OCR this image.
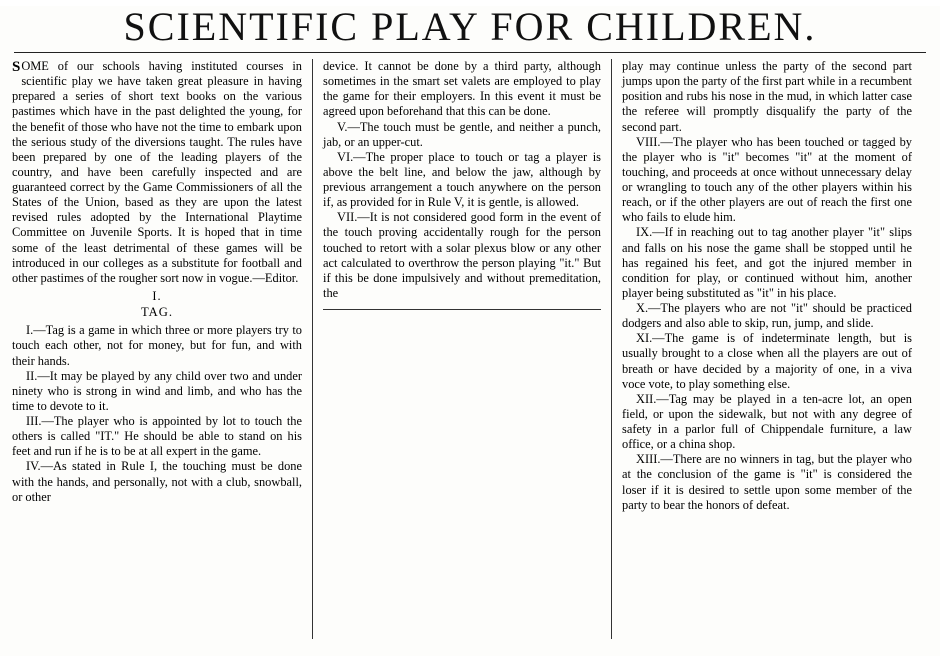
SCIENTIFIC PLAY FOR CHILDREN.

S OME of our schools having instituted courses in scientific play we have taken great pleasure in having prepared a series of short text books on the various pastimes which have in the past delighted the young, for the benefit of those who have not the time to embark upon the serious study of the diversions taught. The rules have been prepared by one of the leading players of the country, and have been carefully inspected and are guaranteed correct by the Game Commissioners of all the States of the Union, based as they are upon the latest revised rules adopted by the International Playtime Committee on Juvenile Sports. It is hoped that in time some of the least detrimental of these games will be introduced in our colleges as a substitute for football and other pastimes of the rougher sort now in vogue.—Editor.

I.

TAG.

I.—Tag is a game in which three or more players try to touch each other, not for money, but for fun, and with their hands.

II.—It may be played by any child over two and under ninety who is strong in wind and limb, and who has the time to devote to it.

III.—The player who is appointed by lot to touch the others is called "IT." He should be able to stand on his feet and run if he is to be at all expert in the game.

IV.—As stated in Rule I, the touching must be done with the hands, and personally, not with a club, snowball, or other

device. It cannot be done by a third party, although sometimes in the smart set valets are employed to play the game for their employers. In this event it must be agreed upon beforehand that this can be done.

V.—The touch must be gentle, and neither a punch, jab, or an upper-cut.

VI.—The proper place to touch or tag a player is above the belt line, and below the jaw, although by previous arrangement a touch anywhere on the person if, as provided for in Rule V, it is gentle, is allowed.

VII.—It is not considered good form in the event of the touch proving accidentally rough for the person touched to retort with a solar plexus blow or any other act calculated to overthrow the person playing "it." But if this be done impulsively and without premeditation, the

play may continue unless the party of the second part jumps upon the party of the first part while in a recumbent position and rubs his nose in the mud, in which latter case the referee will promptly disqualify the party of the second part.

VIII.—The player who has been touched or tagged by the player who is "it" becomes "it" at the moment of touching, and proceeds at once without unnecessary delay or wrangling to touch any of the other players within his reach, or if the other players are out of reach the first one who fails to elude him.

IX.—If in reaching out to tag another player "it" slips and falls on his nose the game shall be stopped until he has regained his feet, and got the injured member in condition for play, or continued without him, another player being substituted as "it" in his place.

X.—The players who are not "it" should be practiced dodgers and also able to skip, run, jump, and slide.

XI.—The game is of indeterminate length, but is usually brought to a close when all the players are out of breath or have decided by a majority of one, in a viva voce vote, to play something else.

XII.—Tag may be played in a ten-acre lot, an open field, or upon the sidewalk, but not with any degree of safety in a parlor full of Chippendale furniture, a law office, or a china shop.

XIII.—There are no winners in tag, but the player who at the conclusion of the game is "it" is considered the loser if it is desired to settle upon some member of the party to bear the honors of defeat.
